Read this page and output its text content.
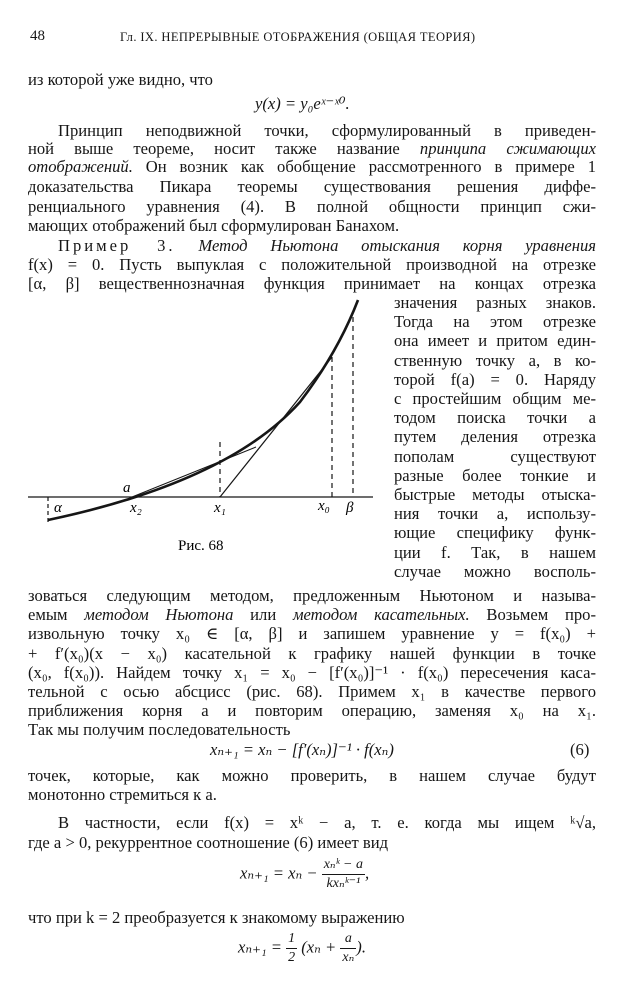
48	Гл. IX. НЕПРЕРЫВНЫЕ ОТОБРАЖЕНИЯ (ОБЩАЯ ТЕОРИЯ)
из которой уже видно, что
y(x) = y₀eˣ⁻ˣ⁰.
Принцип неподвижной точки, сформулированный в приведен-
ной выше теореме, носит также название принципа сжимающих
отображений. Он возник как обобщение рассмотренного в примере 1
доказательства Пикара теоремы существования решения диффе-
ренциального уравнения (4). В полной общности принцип сжи-
мающих отображений был сформулирован Банахом.
Пример 3. Метод Ньютона отыскания корня уравнения
f(x) = 0. Пусть выпуклая с положительной производной на отрезке
[α, β] вещественнозначная функция принимает на концах отрезка
значения разных знаков.
Тогда на этом отрезке
она имеет и притом един-
ственную точку a, в ко-
торой f(a) = 0. Наряду
с простейшим общим ме-
тодом поиска точки a
путем деления отрезка
пополам существуют
разные более тонкие и
быстрые методы отыска-
ния точки a, использу-
ющие специфику функ-
ции f. Так, в нашем
случае можно восполь-
α
a
x₂	x₁	x₀ β
Рис. 68
зоваться следующим методом, предложенным Ньютоном и называ-
емым методом Ньютона или методом касательных. Возьмем про-
извольную точку x₀ ∈ [α, β] и запишем уравнение y = f(x₀) +
+ f′(x₀)(x − x₀) касательной к графику нашей функции в точке
(x₀, f(x₀)). Найдем точку x₁ = x₀ − [f′(x₀)]⁻¹ · f(x₀) пересечения каса-
тельной с осью абсцисс (рис. 68). Примем x₁ в качестве первого
приближения корня a и повторим операцию, заменяя x₀ на x₁.
Так мы получим последовательность
xₙ₊₁ = xₙ − [f′(xₙ)]⁻¹ · f(xₙ)	(6)
точек, которые, как можно проверить, в нашем случае будут
монотонно стремиться к a.
В частности, если f(x) = xᵏ − a, т. е. когда мы ищем ᵏ√a,
где a > 0, рекуррентное соотношение (6) имеет вид
$x_{n+1} = x_n - \frac{\text{xₙᵏ − a}}{\text{kxₙᵏ⁻¹}}$ ,
что при k = 2 преобразуется к знакомому выражению
$x_{n+1} = \frac{1}{2} (x_n + \frac{a}{\text{xₙ}}$ ).
